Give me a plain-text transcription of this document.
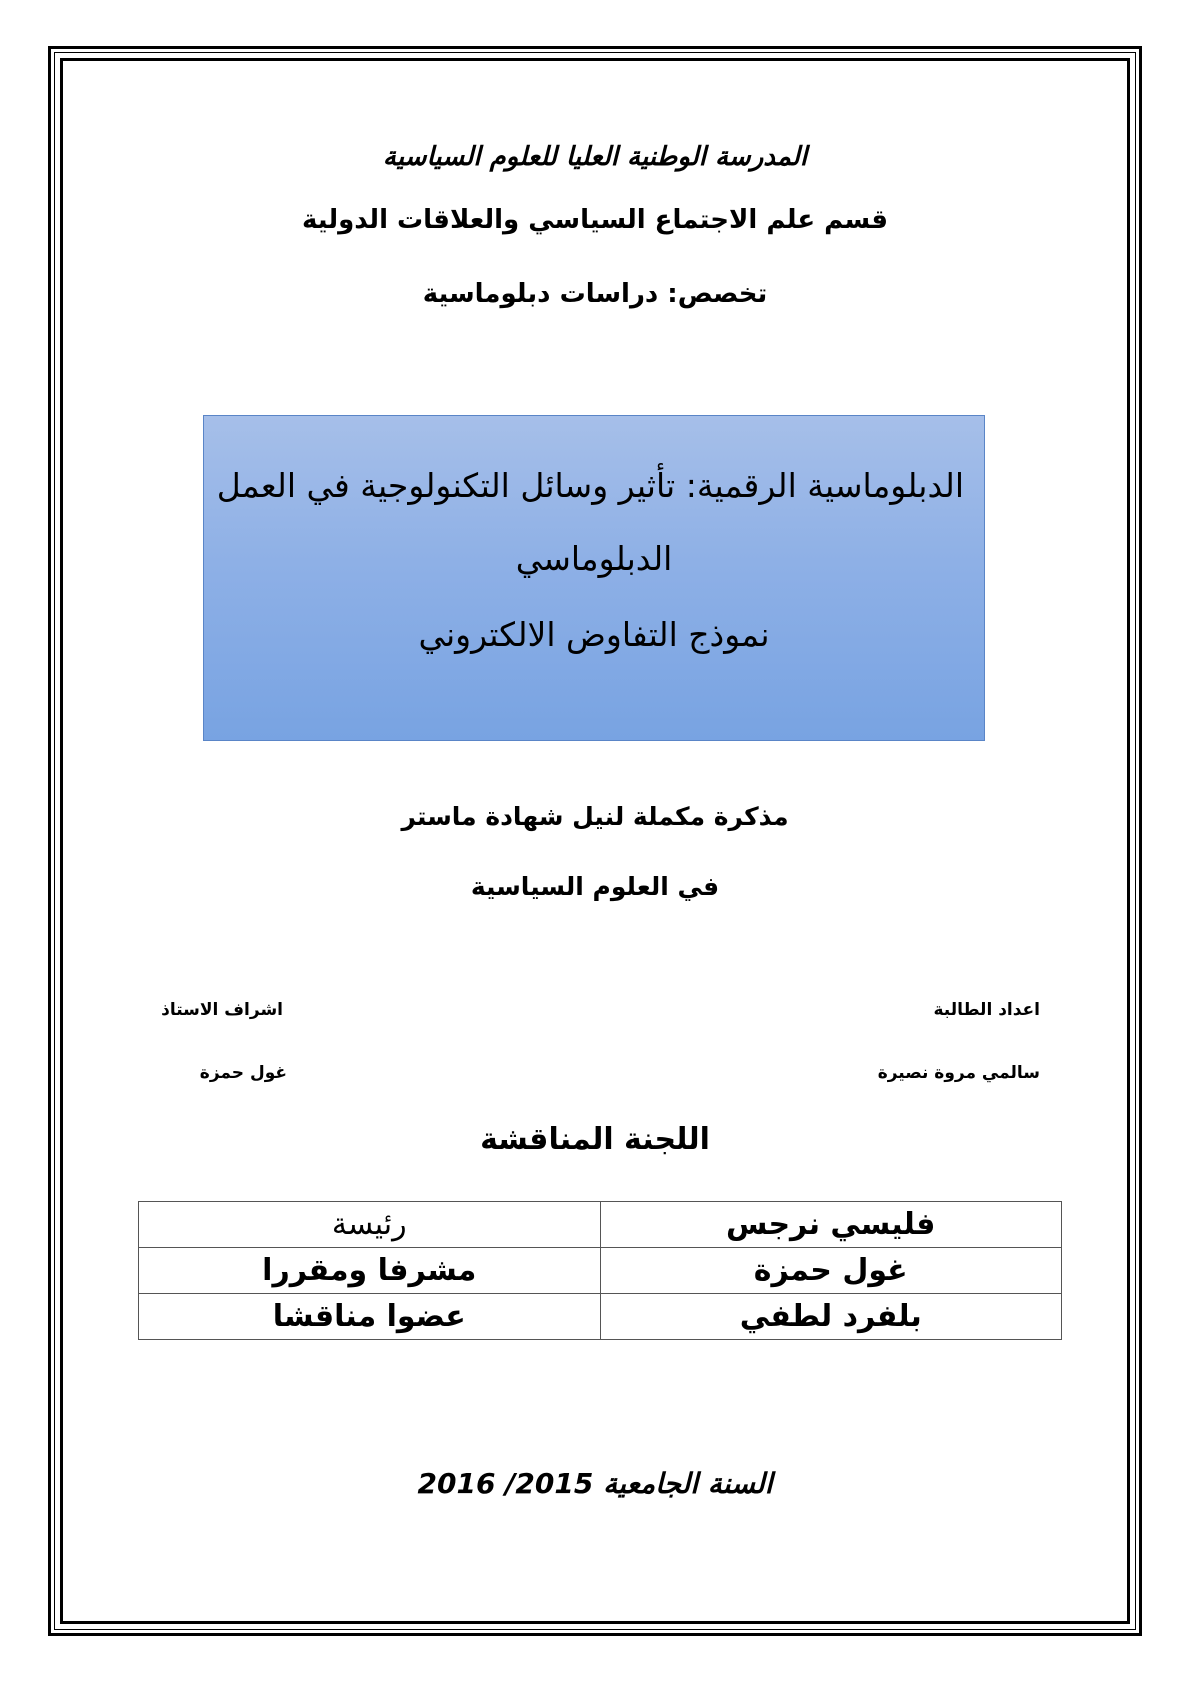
المدرسة الوطنية العليا للعلوم السياسية
قسم علم الاجتماع السياسي والعلاقات الدولية
تخصص: دراسات دبلوماسية
الدبلوماسية الرقمية: تأثير وسائل التكنولوجية في العمل
الدبلوماسي
نموذج التفاوض الالكتروني
مذكرة مكملة لنيل شهادة ماستر
في العلوم السياسية
اعداد الطالبة
سالمي مروة نصيرة
اشراف الاستاذ
غول حمزة
اللجنة المناقشة
فليسي نرجس	رئيسة
غول حمزة	مشرفا ومقررا
بلفرد لطفي	عضوا مناقشا
السنة الجامعية 2015/ 2016
